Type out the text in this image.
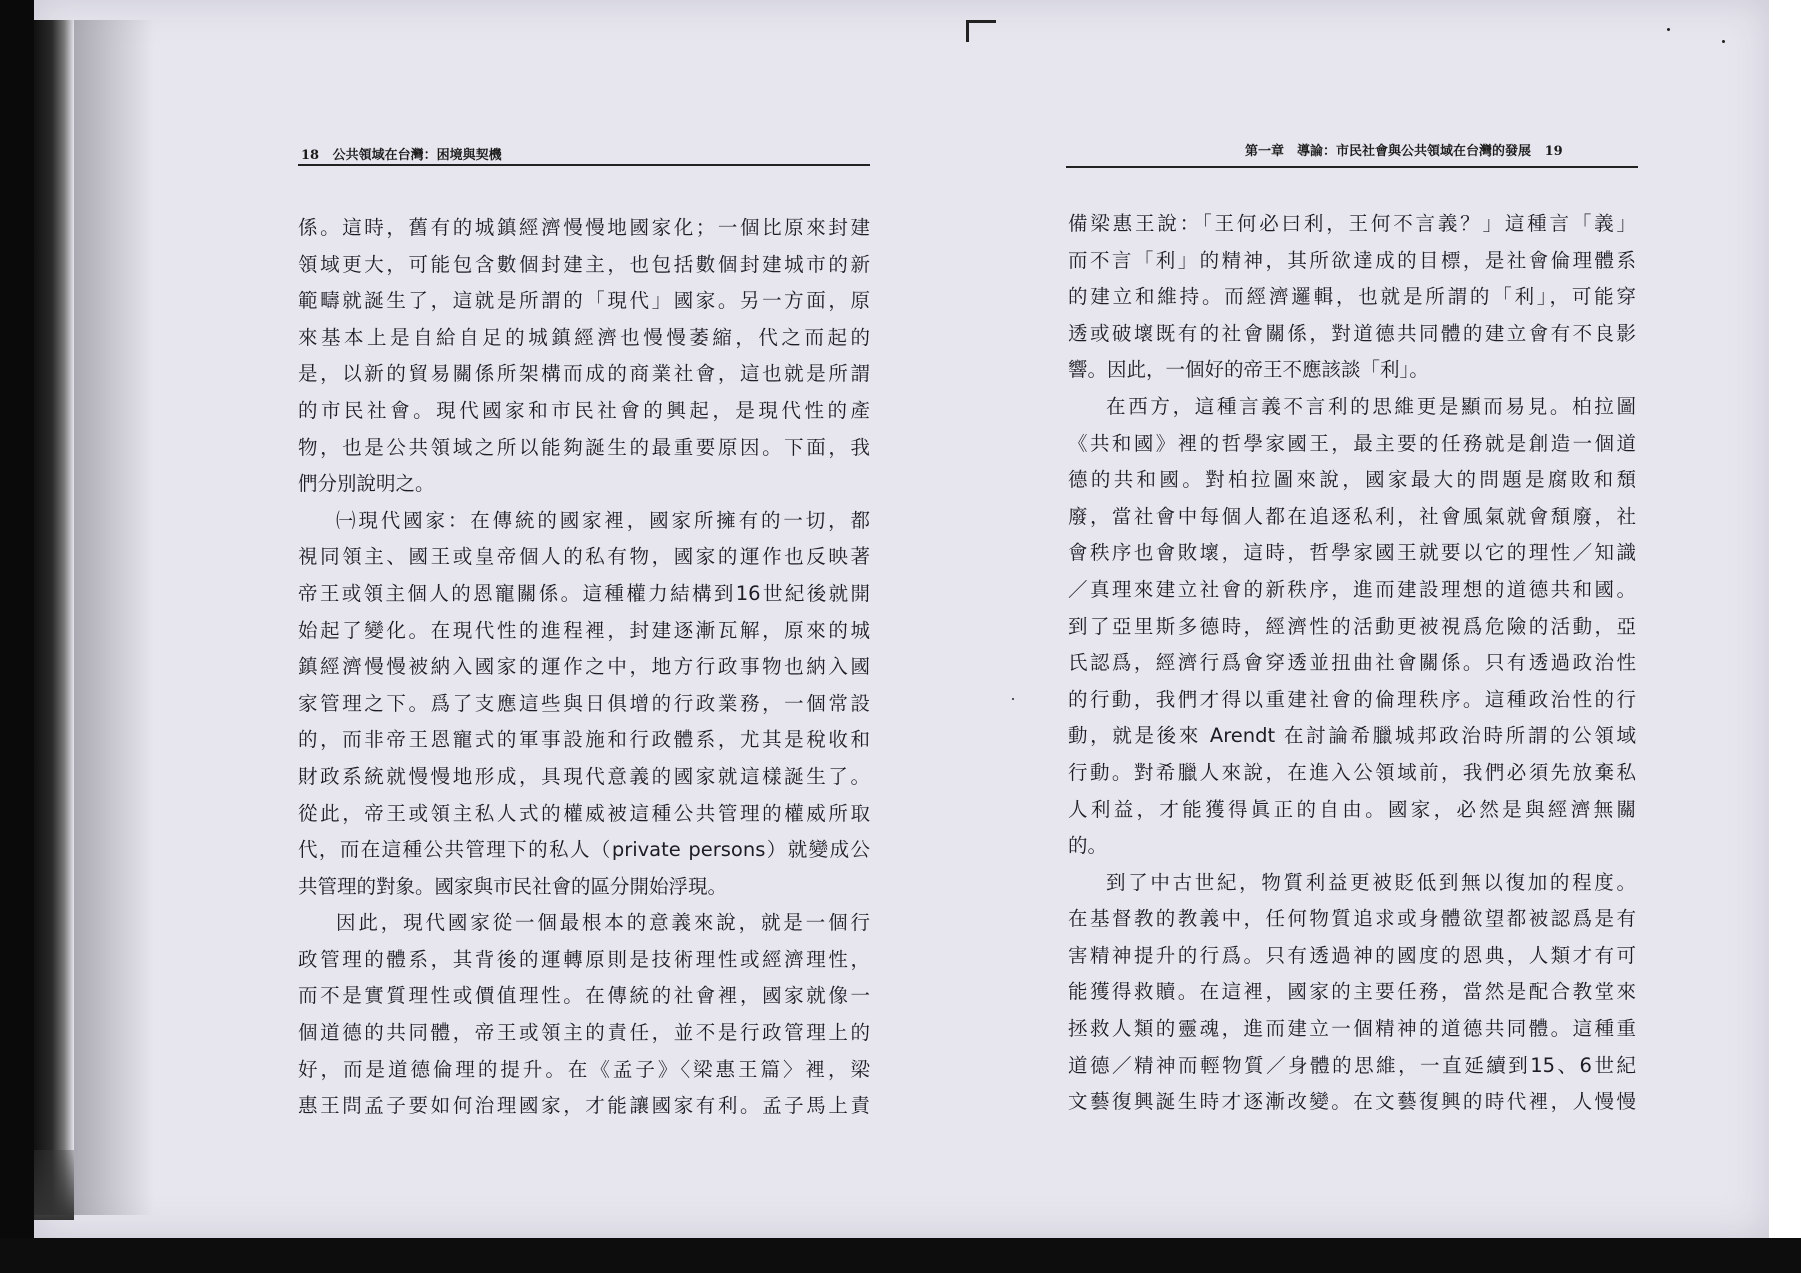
18 公共領域在台灣：困境與契機
係。這時，舊有的城鎮經濟慢慢地國家化；一個比原來封建
領域更大，可能包含數個封建主，也包括數個封建城市的新
範疇就誕生了，這就是所謂的「現代」國家。另一方面，原
來基本上是自給自足的城鎮經濟也慢慢萎縮，代之而起的
是，以新的貿易關係所架構而成的商業社會，這也就是所謂
的市民社會。現代國家和市民社會的興起，是現代性的產
物，也是公共領域之所以能夠誕生的最重要原因。下面，我
們分別說明之。
㈠現代國家：在傳統的國家裡，國家所擁有的一切，都
視同領主、國王或皇帝個人的私有物，國家的運作也反映著
帝王或領主個人的恩寵關係。這種權力結構到16世紀後就開
始起了變化。在現代性的進程裡，封建逐漸瓦解，原來的城
鎮經濟慢慢被納入國家的運作之中，地方行政事物也納入國
家管理之下。爲了支應這些與日俱增的行政業務，一個常設
的，而非帝王恩寵式的軍事設施和行政體系，尤其是稅收和
財政系統就慢慢地形成，具現代意義的國家就這樣誕生了。
從此，帝王或領主私人式的權威被這種公共管理的權威所取
代，而在這種公共管理下的私人（private persons）就變成公
共管理的對象。國家與市民社會的區分開始浮現。
因此，現代國家從一個最根本的意義來說，就是一個行
政管理的體系，其背後的運轉原則是技術理性或經濟理性，
而不是實質理性或價值理性。在傳統的社會裡，國家就像一
個道德的共同體，帝王或領主的責任，並不是行政管理上的
好，而是道德倫理的提升。在《孟子》〈梁惠王篇〉裡，梁
惠王問孟子要如何治理國家，才能讓國家有利。孟子馬上責
第一章　導論：市民社會與公共領域在台灣的發展 19
備梁惠王說：「王何必曰利，王何不言義？」這種言「義」
而不言「利」的精神，其所欲達成的目標，是社會倫理體系
的建立和維持。而經濟邏輯，也就是所謂的「利」，可能穿
透或破壞既有的社會關係，對道德共同體的建立會有不良影
響。因此，一個好的帝王不應該談「利」。
在西方，這種言義不言利的思維更是顯而易見。柏拉圖
《共和國》裡的哲學家國王，最主要的任務就是創造一個道
德的共和國。對柏拉圖來說，國家最大的問題是腐敗和頹
廢，當社會中每個人都在追逐私利，社會風氣就會頹廢，社
會秩序也會敗壞，這時，哲學家國王就要以它的理性／知識
／真理來建立社會的新秩序，進而建設理想的道德共和國。
到了亞里斯多德時，經濟性的活動更被視爲危險的活動，亞
氏認爲，經濟行爲會穿透並扭曲社會關係。只有透過政治性
的行動，我們才得以重建社會的倫理秩序。這種政治性的行
動，就是後來 Arendt 在討論希臘城邦政治時所謂的公領域
行動。對希臘人來說，在進入公領域前，我們必須先放棄私
人利益，才能獲得眞正的自由。國家，必然是與經濟無關
的。
到了中古世紀，物質利益更被貶低到無以復加的程度。
在基督教的教義中，任何物質追求或身體欲望都被認爲是有
害精神提升的行爲。只有透過神的國度的恩典，人類才有可
能獲得救贖。在這裡，國家的主要任務，當然是配合教堂來
拯救人類的靈魂，進而建立一個精神的道德共同體。這種重
道德／精神而輕物質／身體的思維，一直延續到15、6世紀
文藝復興誕生時才逐漸改變。在文藝復興的時代裡，人慢慢
